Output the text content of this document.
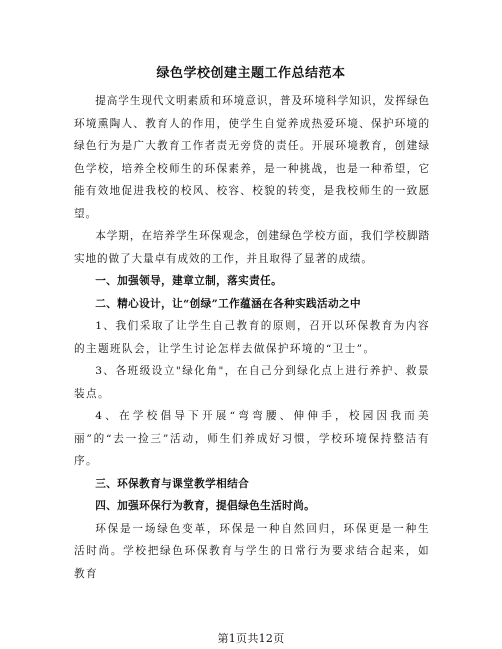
绿色学校创建主题工作总结范本

提高学生现代文明素质和环境意识，普及环境科学知识，发挥绿色环境熏陶人、教育人的作用，使学生自觉养成热爱环境、保护环境的绿色行为是广大教育工作者责无旁贷的责任。开展环境教育，创建绿色学校，培养全校师生的环保素养，是一种挑战，也是一种希望，它能有效地促进我校的校风、校容、校貌的转变，是我校师生的一致愿望。

本学期，在培养学生环保观念，创建绿色学校方面，我们学校脚踏实地的做了大量卓有成效的工作，并且取得了显著的成绩。

一、加强领导，建章立制，落实责任。

二、精心设计，让“创绿”工作蕴涵在各种实践活动之中

1、我们采取了让学生自己教育的原则，召开以环保教育为内容的主题班队会，让学生讨论怎样去做保护环境的“卫士”。

3、各班级设立"绿化角"，在自己分到绿化点上进行养护、救景装点。

4、在学校倡导下开展“弯弯腰、伸伸手，校园因我而美丽”的“去一捡三”活动，师生们养成好习惯，学校环境保持整洁有序。

三、环保教育与课堂教学相结合

四、加强环保行为教育，提倡绿色生活时尚。

环保是一场绿色变革，环保是一种自然回归，环保更是一种生活时尚。学校把绿色环保教育与学生的日常行为要求结合起来，如教育

第1页共12页
